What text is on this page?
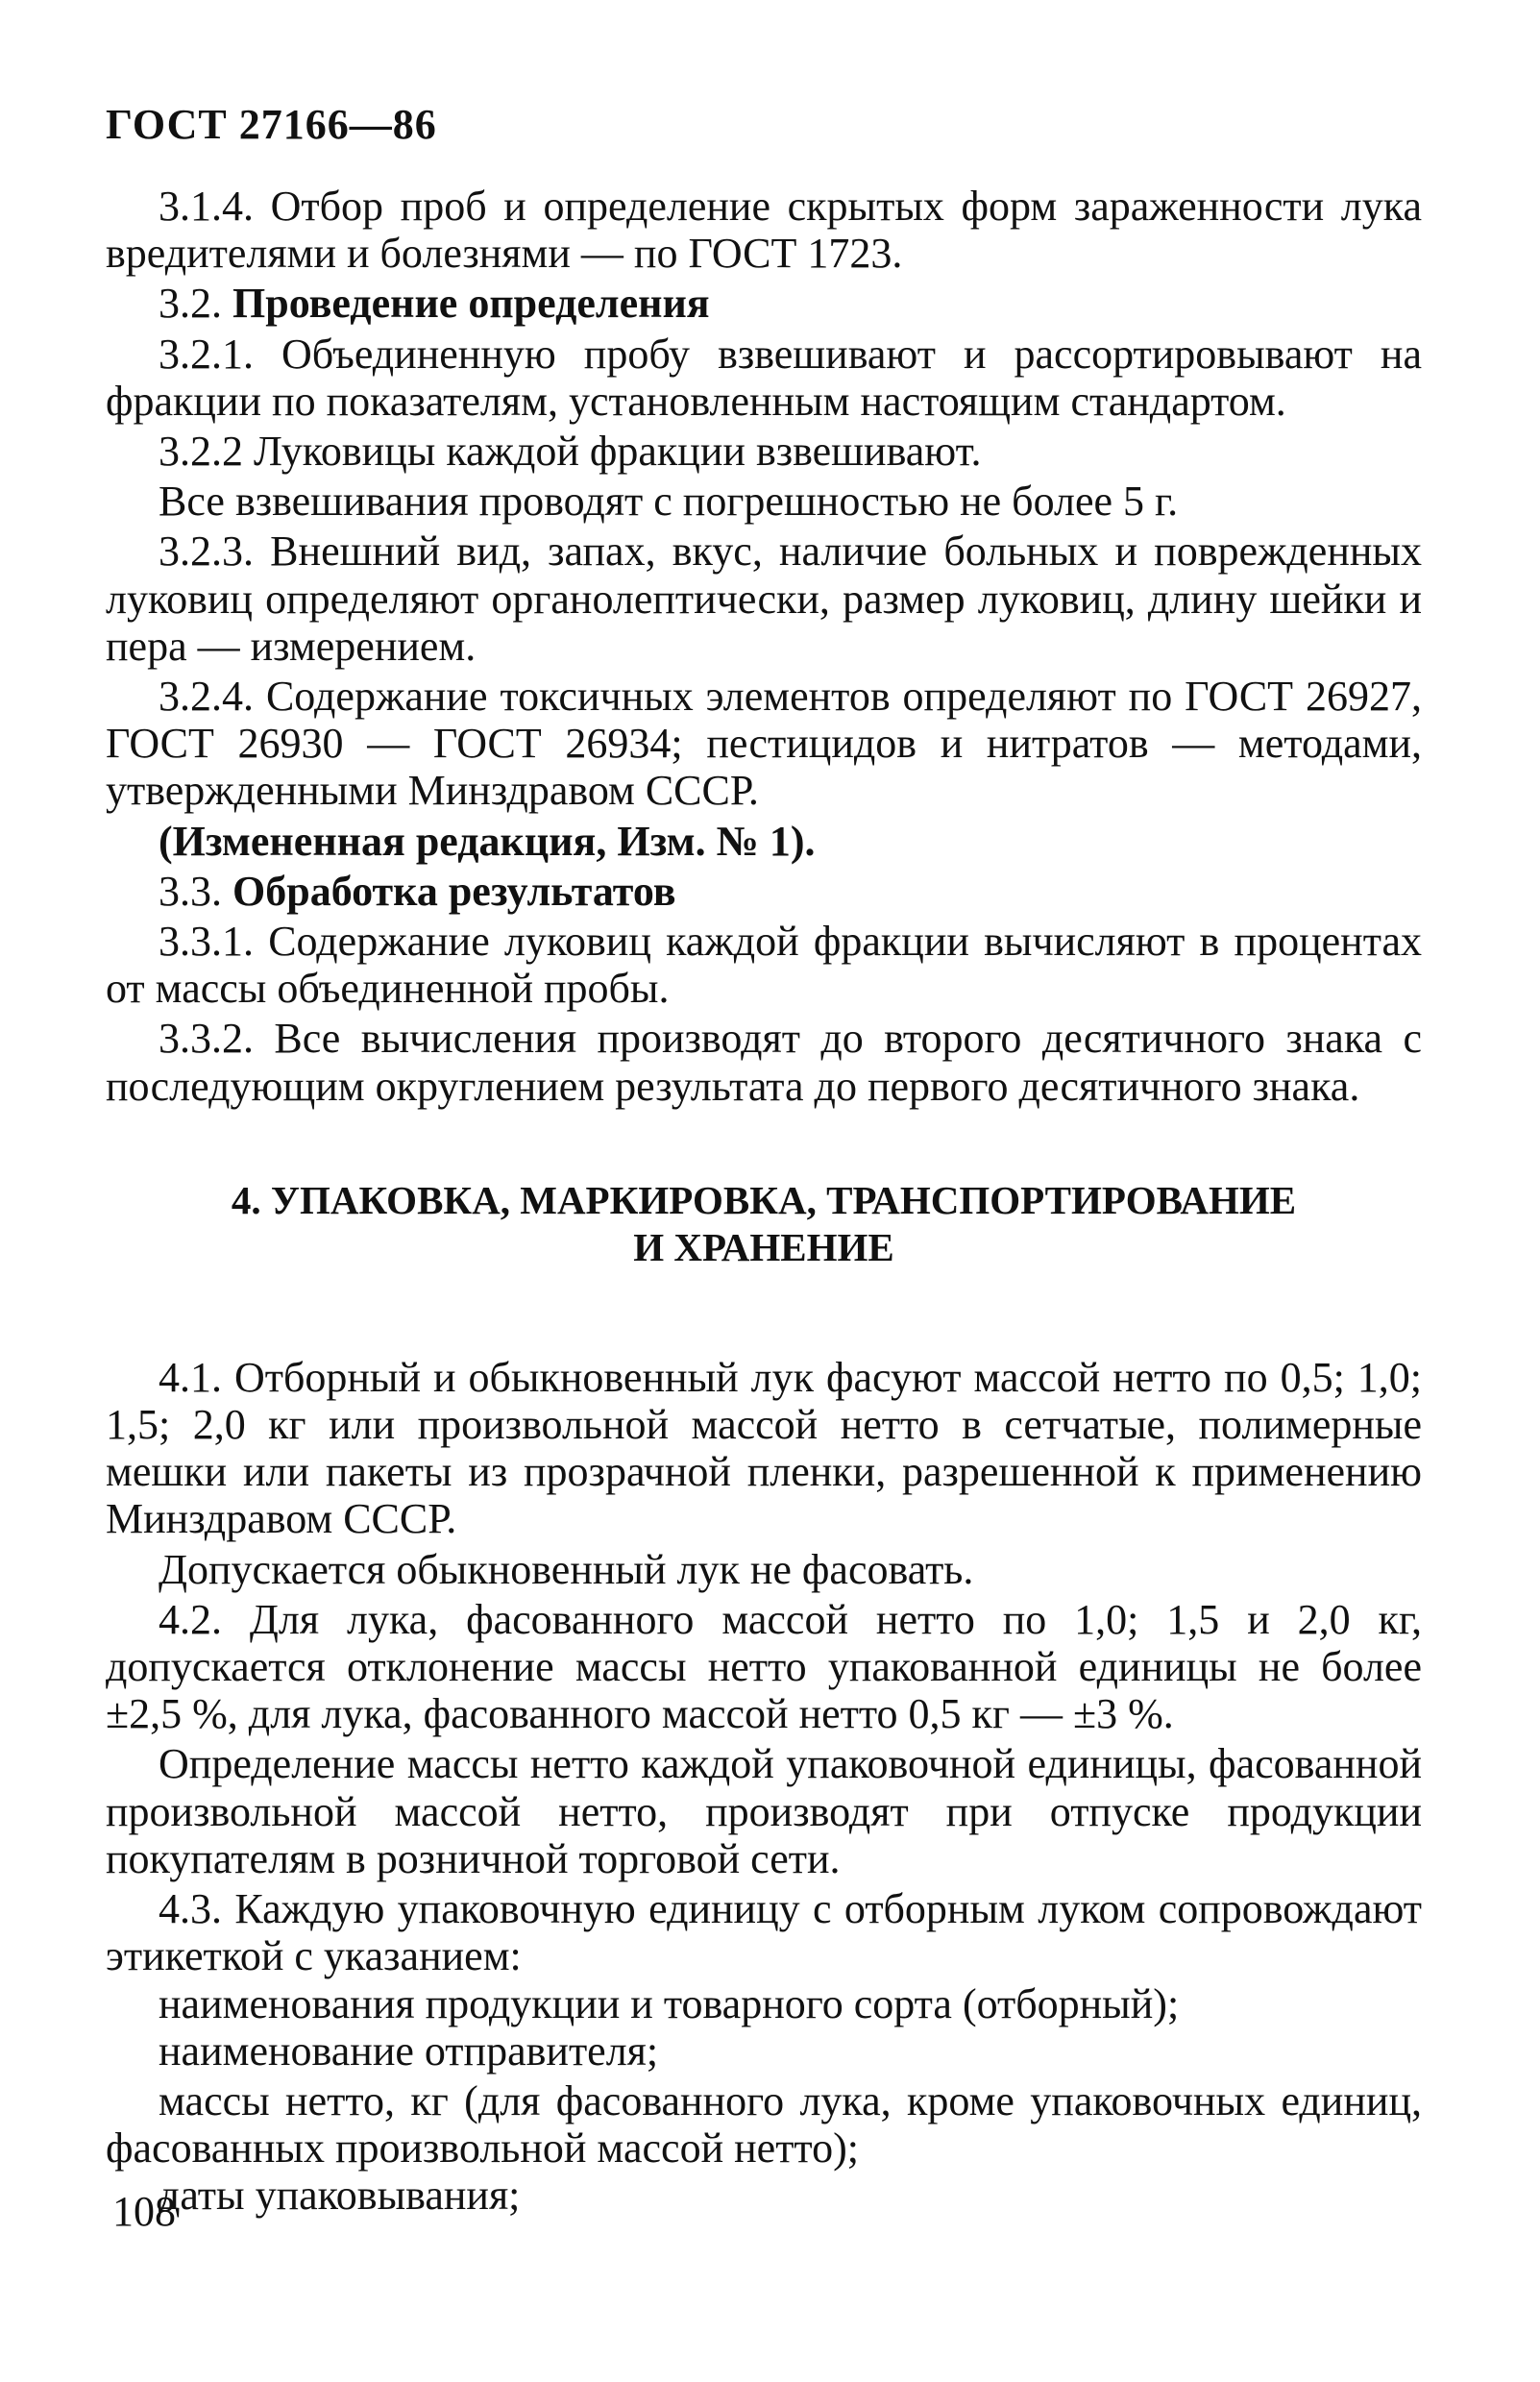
ГОСТ 27166—86

3.1.4. Отбор проб и определение скрытых форм зараженности лука вредителями и болезнями — по ГОСТ 1723.

3.2. Проведение определения

3.2.1. Объединенную пробу взвешивают и рассортировывают на фракции по показателям, установленным настоящим стандартом.

3.2.2 Луковицы каждой фракции взвешивают.

Все взвешивания проводят с погрешностью не более 5 г.

3.2.3. Внешний вид, запах, вкус, наличие больных и поврежденных луковиц определяют органолептически, размер луковиц, длину шейки и пера — измерением.

3.2.4. Содержание токсичных элементов определяют по ГОСТ 26927, ГОСТ 26930 — ГОСТ 26934; пестицидов и нитратов — методами, утвержденными Минздравом СССР.

(Измененная редакция, Изм. № 1).

3.3. Обработка результатов

3.3.1. Содержание луковиц каждой фракции вычисляют в процентах от массы объединенной пробы.

3.3.2. Все вычисления производят до второго десятичного знака с последующим округлением результата до первого десятичного знака.

4. УПАКОВКА, МАРКИРОВКА, ТРАНСПОРТИРОВАНИЕ
И ХРАНЕНИЕ

4.1. Отборный и обыкновенный лук фасуют массой нетто по 0,5; 1,0; 1,5; 2,0 кг или произвольной массой нетто в сетчатые, полимерные мешки или пакеты из прозрачной пленки, разрешенной к применению Минздравом СССР.

Допускается обыкновенный лук не фасовать.

4.2. Для лука, фасованного массой нетто по 1,0; 1,5 и 2,0 кг, допускается отклонение массы нетто упакованной единицы не более ±2,5 %, для лука, фасованного массой нетто 0,5 кг — ±3 %.

Определение массы нетто каждой упаковочной единицы, фасованной произвольной массой нетто, производят при отпуске продукции покупателям в розничной торговой сети.

4.3. Каждую упаковочную единицу с отборным луком сопровождают этикеткой с указанием:

наименования продукции и товарного сорта (отборный);

наименование отправителя;

массы нетто, кг (для фасованного лука, кроме упаковочных единиц, фасованных произвольной массой нетто);

даты упаковывания;

108
